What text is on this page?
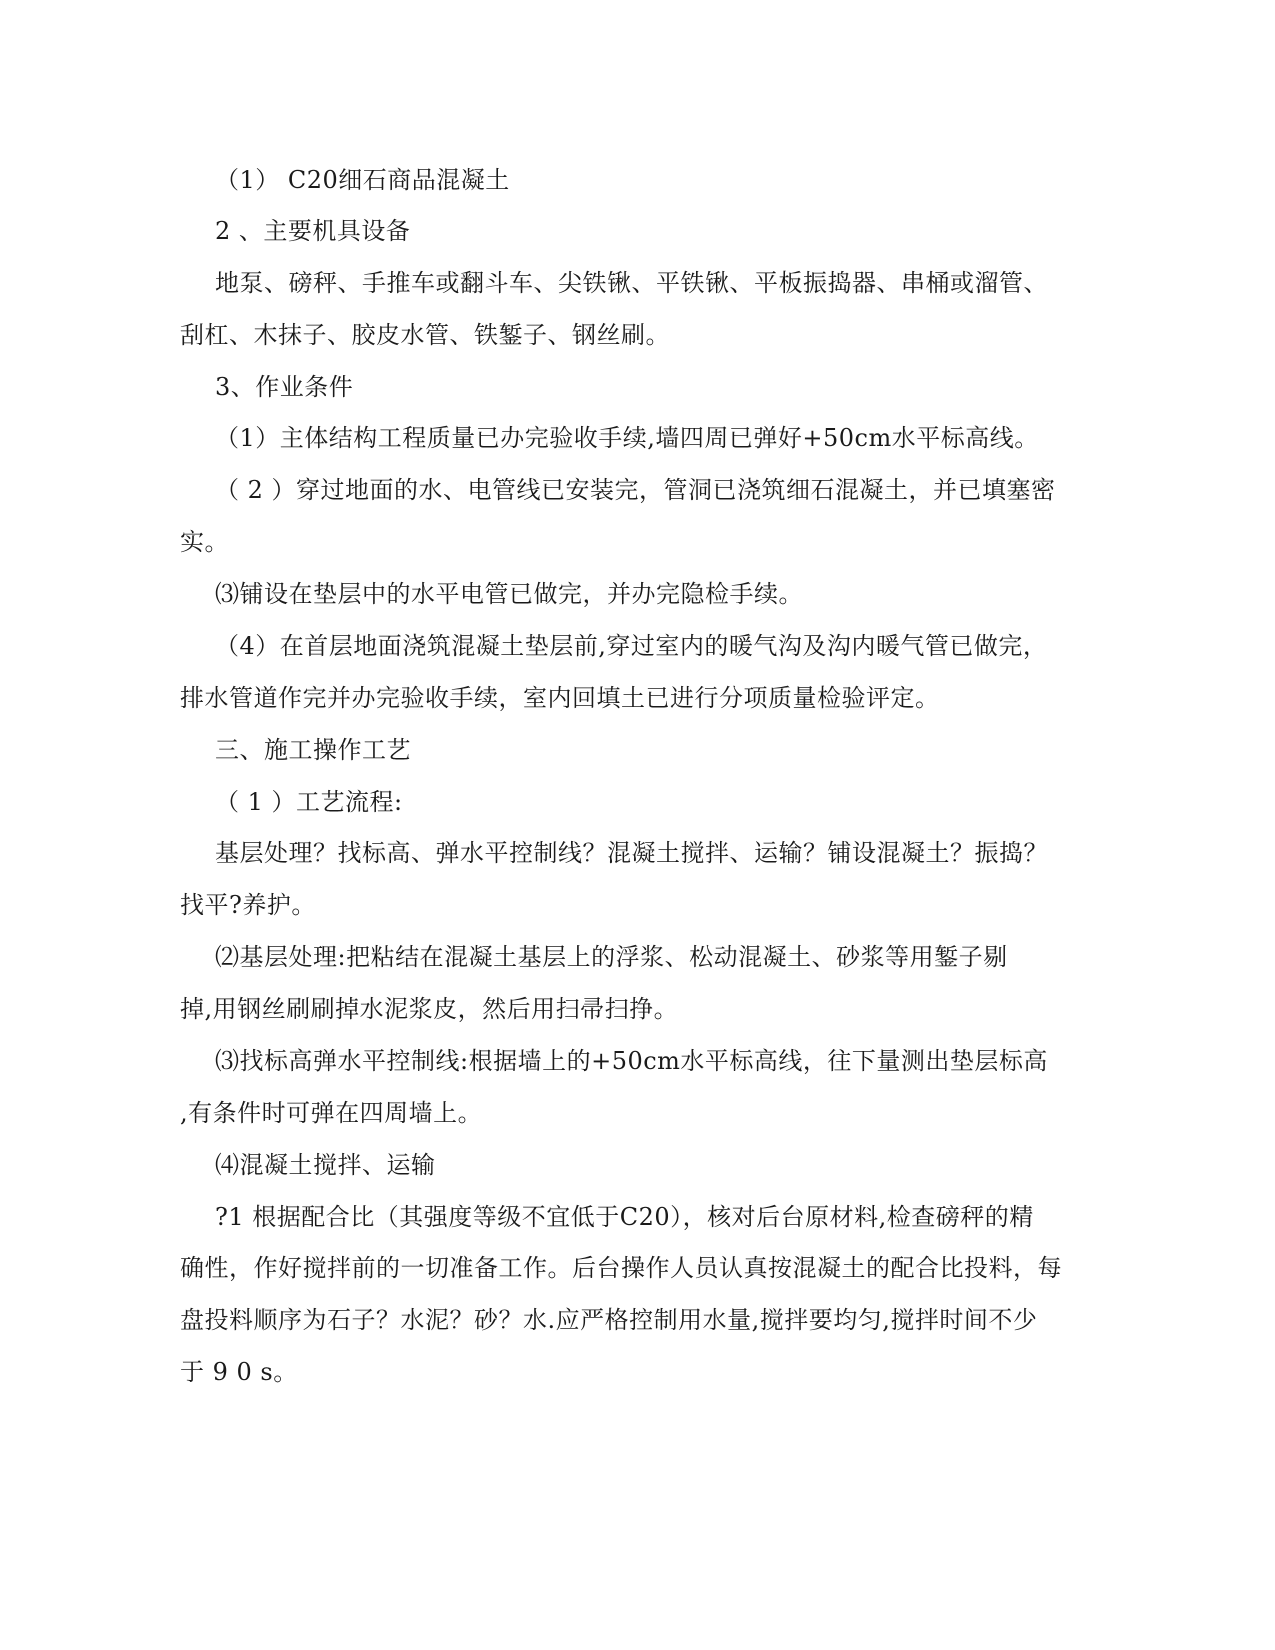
（1） C20细石商品混凝土
2 、主要机具设备
地泵、磅秤、手推车或翻斗车、尖铁锹、平铁锹、平板振捣器、串桶或溜管、
刮杠、木抹子、胶皮水管、铁錾子、钢丝刷。
3、作业条件
（1）主体结构工程质量已办完验收手续,墙四周已弹好+50cm水平标高线。
（ 2 ）穿过地面的水、电管线已安装完，管洞已浇筑细石混凝土，并已填塞密
实。
⑶铺设在垫层中的水平电管已做完，并办完隐检手续。
（4）在首层地面浇筑混凝土垫层前,穿过室内的暖气沟及沟内暖气管已做完，
排水管道作完并办完验收手续，室内回填土已进行分项质量检验评定。
三、施工操作工艺
（ 1 ）工艺流程:
基层处理？找标高、弹水平控制线？混凝土搅拌、运输？铺设混凝土？振捣？
找平?养护。
⑵基层处理:把粘结在混凝土基层上的浮浆、松动混凝土、砂浆等用錾子剔
掉,用钢丝刷刷掉水泥浆皮，然后用扫帚扫挣。
⑶找标高弹水平控制线:根据墙上的+50cm水平标高线，往下量测出垫层标高
,有条件时可弹在四周墙上。
⑷混凝土搅拌、运输
?1 根据配合比（其强度等级不宜低于C20），核对后台原材料,检查磅秤的精
确性，作好搅拌前的一切准备工作。后台操作人员认真按混凝土的配合比投料，每
盘投料顺序为石子？水泥？砂？水.应严格控制用水量,搅拌要均匀,搅拌时间不少
于 9 0 s。
